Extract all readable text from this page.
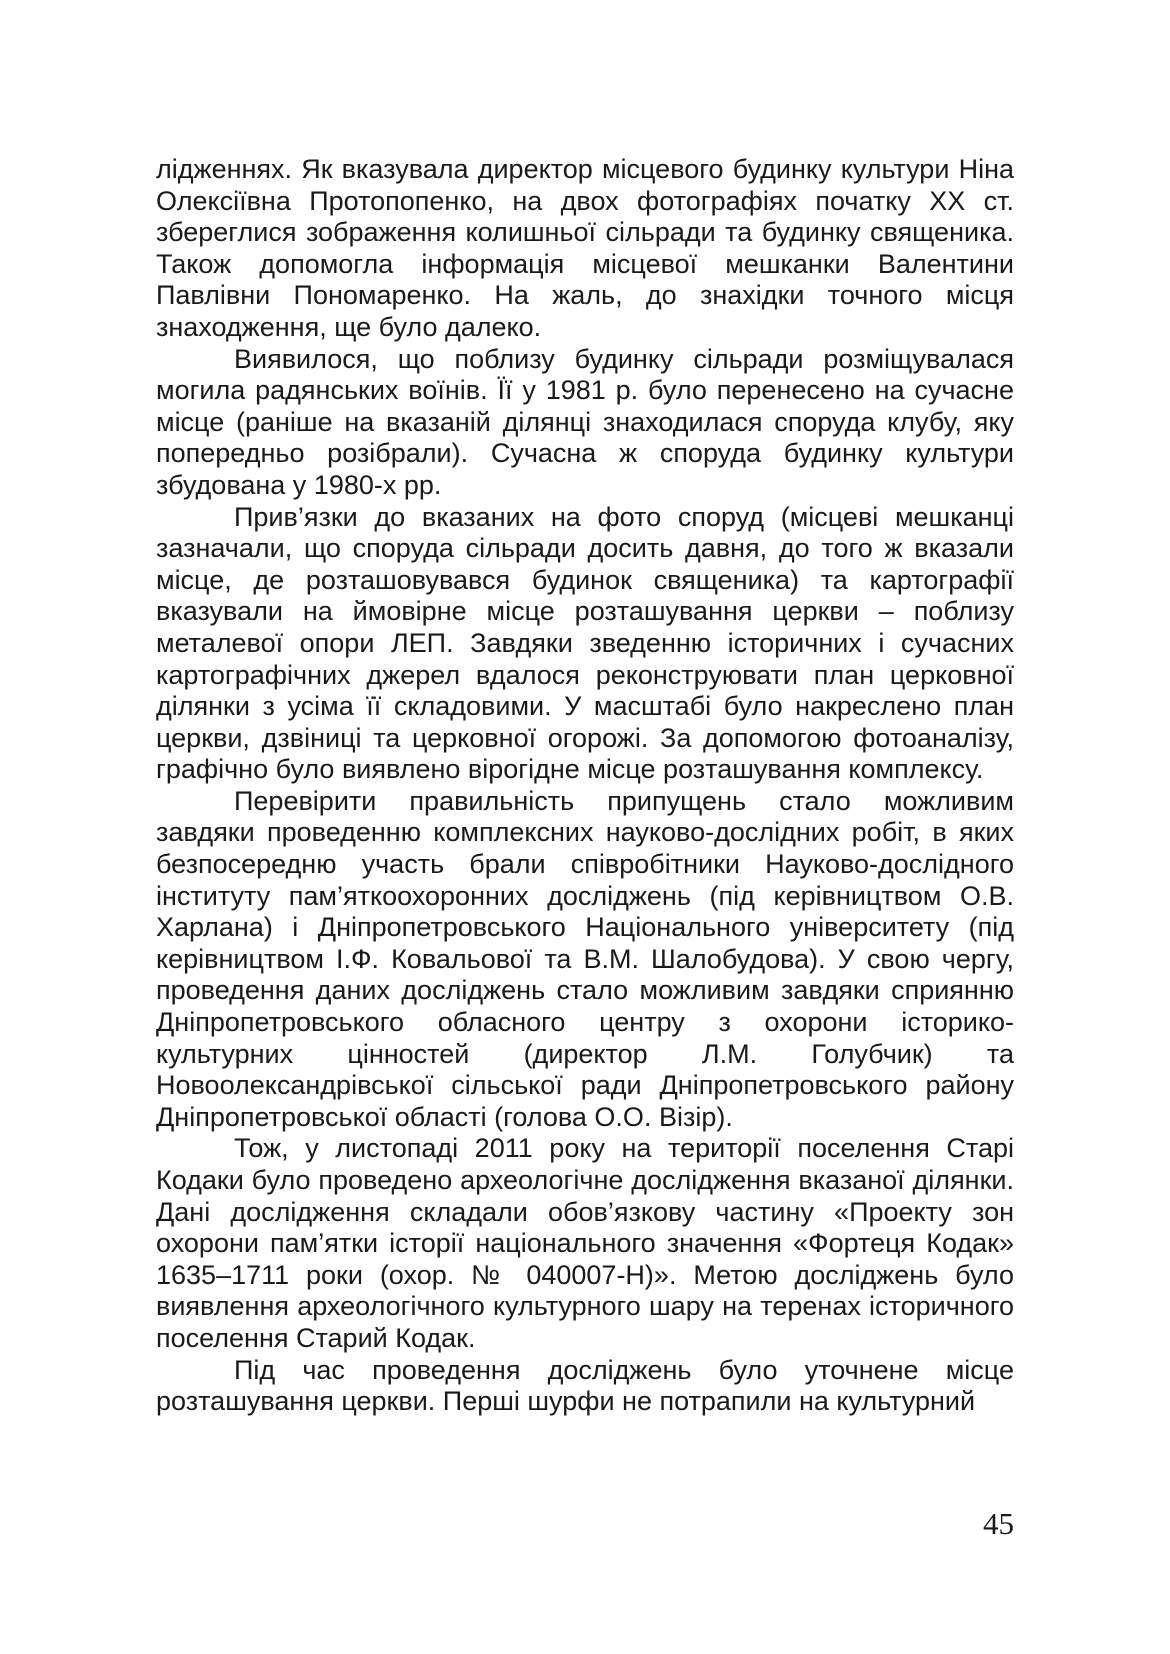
лідженнях. Як вказувала директор місцевого будинку культури Ніна Олексіївна Протопопенко, на двох фотографіях початку ХХ ст. збереглися зображення колишньої сільради та будинку священика. Також допомогла інформація місцевої мешканки Валентини Павлівни Пономаренко. На жаль, до знахідки точного місця знаходження, ще було далеко.

Виявилося, що поблизу будинку сільради розміщувалася могила радянських воїнів. Її у 1981 р. було перенесено на сучасне місце (раніше на вказаній ділянці знаходилася споруда клубу, яку попередньо розібрали). Сучасна ж споруда будинку культури збудована у 1980-х рр.

Прив’язки до вказаних на фото споруд (місцеві мешканці зазначали, що споруда сільради досить давня, до того ж вказали місце, де розташовувався будинок священика) та картографії вказували на ймовірне місце розташування церкви – поблизу металевої опори ЛЕП. Завдяки зведенню історичних і сучасних картографічних джерел вдалося реконструювати план церковної ділянки з усіма її складовими. У масштабі було накреслено план церкви, дзвіниці та церковної огорожі. За допомогою фотоаналізу, графічно було виявлено вірогідне місце розташування комплексу.

Перевірити правильність припущень стало можливим завдяки проведенню комплексних науково-дослідних робіт, в яких безпосередню участь брали співробітники Науково-дослідного інституту пам’яткоохоронних досліджень (під керівництвом О.В. Харлана) і Дніпропетровського Національного університету (під керівництвом І.Ф. Ковальової та В.М. Шалобудова). У свою чергу, проведення даних досліджень стало можливим завдяки сприянню Дніпропетровського обласного центру з охорони історико-культурних цінностей (директор Л.М. Голубчик) та Новоолександрівської сільської ради Дніпропетровського району Дніпропетровської області (голова О.О. Візір).

Тож, у листопаді 2011 року на території поселення Старі Кодаки було проведено археологічне дослідження вказаної ділянки. Дані дослідження складали обов’язкову частину «Проекту зон охорони пам’ятки історії національного значення «Фортеця Кодак» 1635–1711 роки (охор. № 040007-Н)». Метою досліджень було виявлення археологічного культурного шару на теренах історичного поселення Старий Кодак.

Під час проведення досліджень було уточнене місце розташування церкви. Перші шурфи не потрапили на культурний

45
